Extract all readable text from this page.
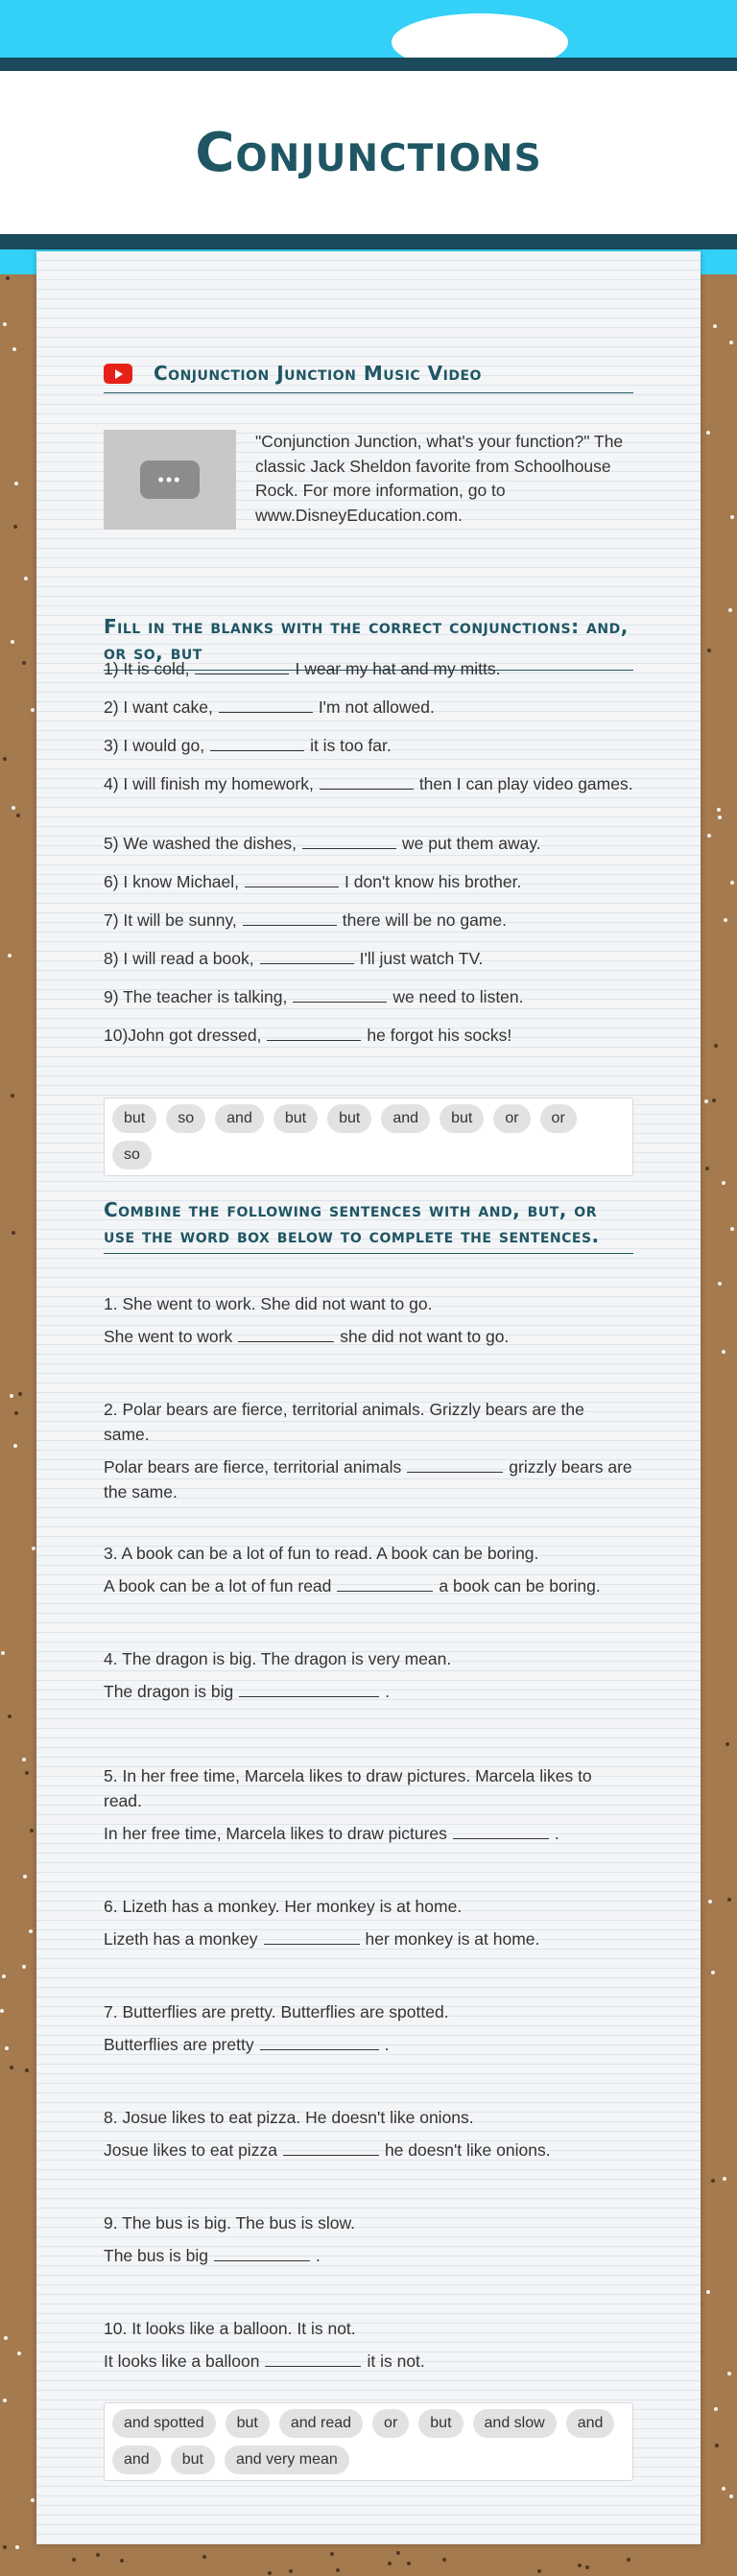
Conjunctions
Conjunction Junction Music Video
•••
"Conjunction Junction, what's your function?" The classic Jack Sheldon favorite from Schoolhouse Rock. For more information, go to www.DisneyEducation.com.
Fill in the blanks with the correct conjunctions: and, or so, but
1) It is cold,	I wear my hat and my mitts.
2) I want cake,	I'm not allowed.
3) I would go,	it is too far.
4) I will finish my homework,	then I can play video games.
5) We washed the dishes,	we put them away.
6) I know Michael,	I don't know his brother.
7) It will be sunny,	there will be no game.
8) I will read a book,	I'll just watch TV.
9) The teacher is talking,	we need to listen.
10)John got dressed,	he forgot his socks!
but	so	and	but	but	and	but	or	or
so
Combine the following sentences with and, but, or use the word box below to complete the sentences.
1. She went to work. She did not want to go.
She went to work	she did not want to go.
2. Polar bears are fierce, territorial animals. Grizzly bears are the same.
Polar bears are fierce, territorial animals	grizzly bears are the same.
3. A book can be a lot of fun to read. A book can be boring.
A book can be a lot of fun read	a book can be boring.
4. The dragon is big. The dragon is very mean.
The dragon is big	.
5. In her free time, Marcela likes to draw pictures. Marcela likes to read.
In her free time, Marcela likes to draw pictures	.
6. Lizeth has a monkey. Her monkey is at home.
Lizeth has a monkey	her monkey is at home.
7. Butterflies are pretty. Butterflies are spotted.
Butterflies are pretty	.
8. Josue likes to eat pizza. He doesn't like onions.
Josue likes to eat pizza	he doesn't like onions.
9. The bus is big. The bus is slow.
The bus is big	.
10. It looks like a balloon. It is not.
It looks like a balloon	it is not.
and spotted	but	and read	or	but	and slow	and
and	but	and very mean
